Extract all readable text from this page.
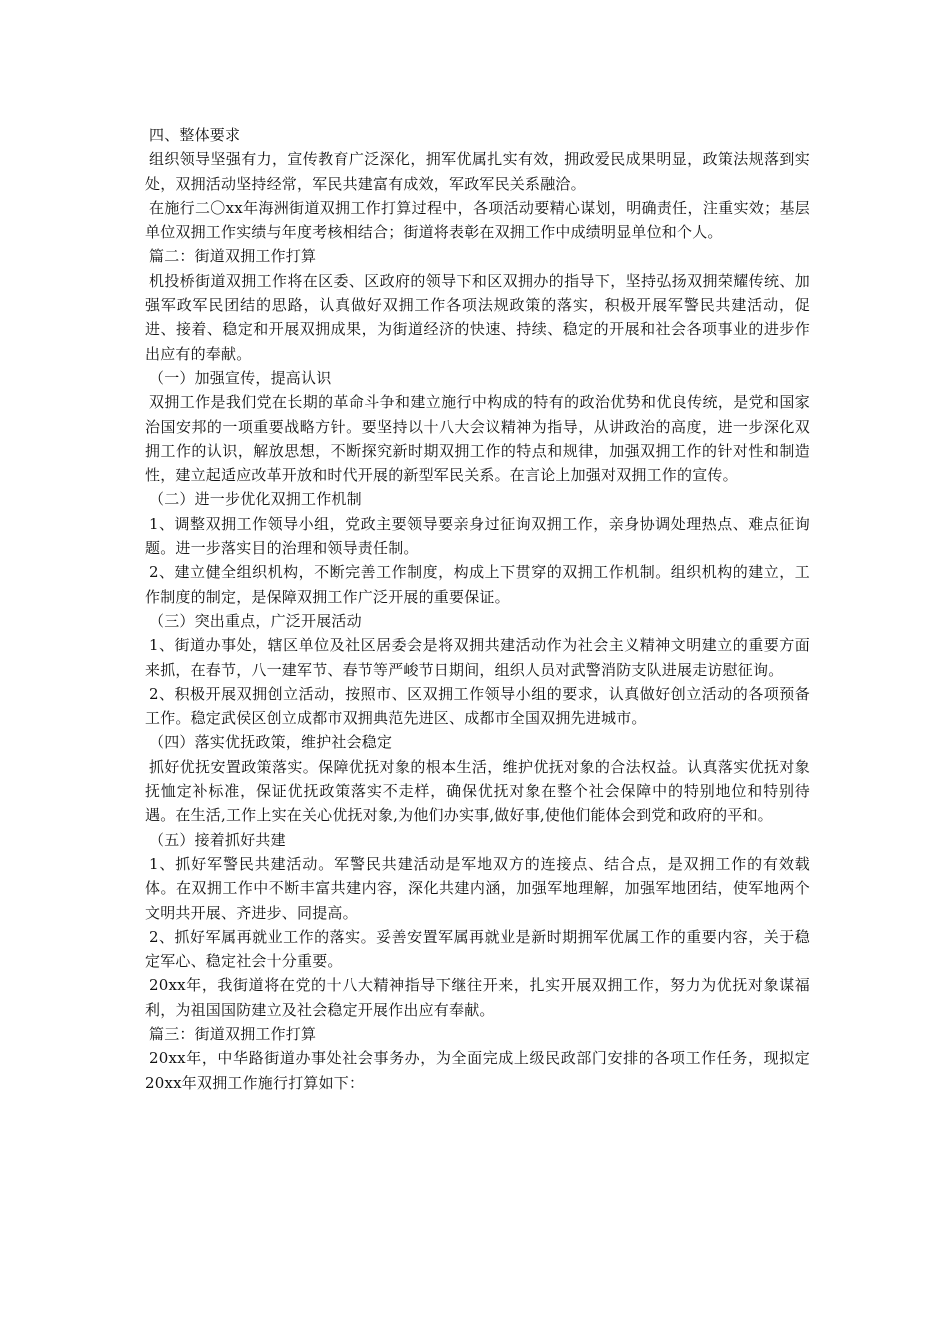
四、整体要求

组织领导坚强有力，宣传教育广泛深化，拥军优属扎实有效，拥政爱民成果明显，政策法规落到实处，双拥活动坚持经常，军民共建富有成效，军政军民关系融洽。

在施行二〇xx年海洲街道双拥工作打算过程中，各项活动要精心谋划，明确责任，注重实效；基层单位双拥工作实绩与年度考核相结合；街道将表彰在双拥工作中成绩明显单位和个人。

篇二：街道双拥工作打算

机投桥街道双拥工作将在区委、区政府的领导下和区双拥办的指导下，坚持弘扬双拥荣耀传统、加强军政军民团结的思路，认真做好双拥工作各项法规政策的落实，积极开展军警民共建活动，促进、接着、稳定和开展双拥成果，为街道经济的快速、持续、稳定的开展和社会各项事业的进步作出应有的奉献。

（一）加强宣传，提高认识

双拥工作是我们党在长期的革命斗争和建立施行中构成的特有的政治优势和优良传统，是党和国家治国安邦的一项重要战略方针。要坚持以十八大会议精神为指导，从讲政治的高度，进一步深化双拥工作的认识，解放思想，不断探究新时期双拥工作的特点和规律，加强双拥工作的针对性和制造性，建立起适应改革开放和时代开展的新型军民关系。在言论上加强对双拥工作的宣传。

（二）进一步优化双拥工作机制

1、调整双拥工作领导小组，党政主要领导要亲身过征询双拥工作，亲身协调处理热点、难点征询题。进一步落实目的治理和领导责任制。

2、建立健全组织机构，不断完善工作制度，构成上下贯穿的双拥工作机制。组织机构的建立，工作制度的制定，是保障双拥工作广泛开展的重要保证。

（三）突出重点，广泛开展活动

1、街道办事处，辖区单位及社区居委会是将双拥共建活动作为社会主义精神文明建立的重要方面来抓，在春节，八一建军节、春节等严峻节日期间，组织人员对武警消防支队进展走访慰征询。

2、积极开展双拥创立活动，按照市、区双拥工作领导小组的要求，认真做好创立活动的各项预备工作。稳定武侯区创立成都市双拥典范先进区、成都市全国双拥先进城市。

（四）落实优抚政策，维护社会稳定

抓好优抚安置政策落实。保障优抚对象的根本生活，维护优抚对象的合法权益。认真落实优抚对象抚恤定补标准，保证优抚政策落实不走样，确保优抚对象在整个社会保障中的特别地位和特别待遇。在生活,工作上实在关心优抚对象,为他们办实事,做好事,使他们能体会到党和政府的平和。

（五）接着抓好共建

1、抓好军警民共建活动。军警民共建活动是军地双方的连接点、结合点，是双拥工作的有效载体。在双拥工作中不断丰富共建内容，深化共建内涵，加强军地理解，加强军地团结，使军地两个文明共开展、齐进步、同提高。

2、抓好军属再就业工作的落实。妥善安置军属再就业是新时期拥军优属工作的重要内容，关于稳定军心、稳定社会十分重要。

20xx年，我街道将在党的十八大精神指导下继往开来，扎实开展双拥工作，努力为优抚对象谋福利，为祖国国防建立及社会稳定开展作出应有奉献。

篇三：街道双拥工作打算

20xx年，中华路街道办事处社会事务办，为全面完成上级民政部门安排的各项工作任务，现拟定20xx年双拥工作施行打算如下：
